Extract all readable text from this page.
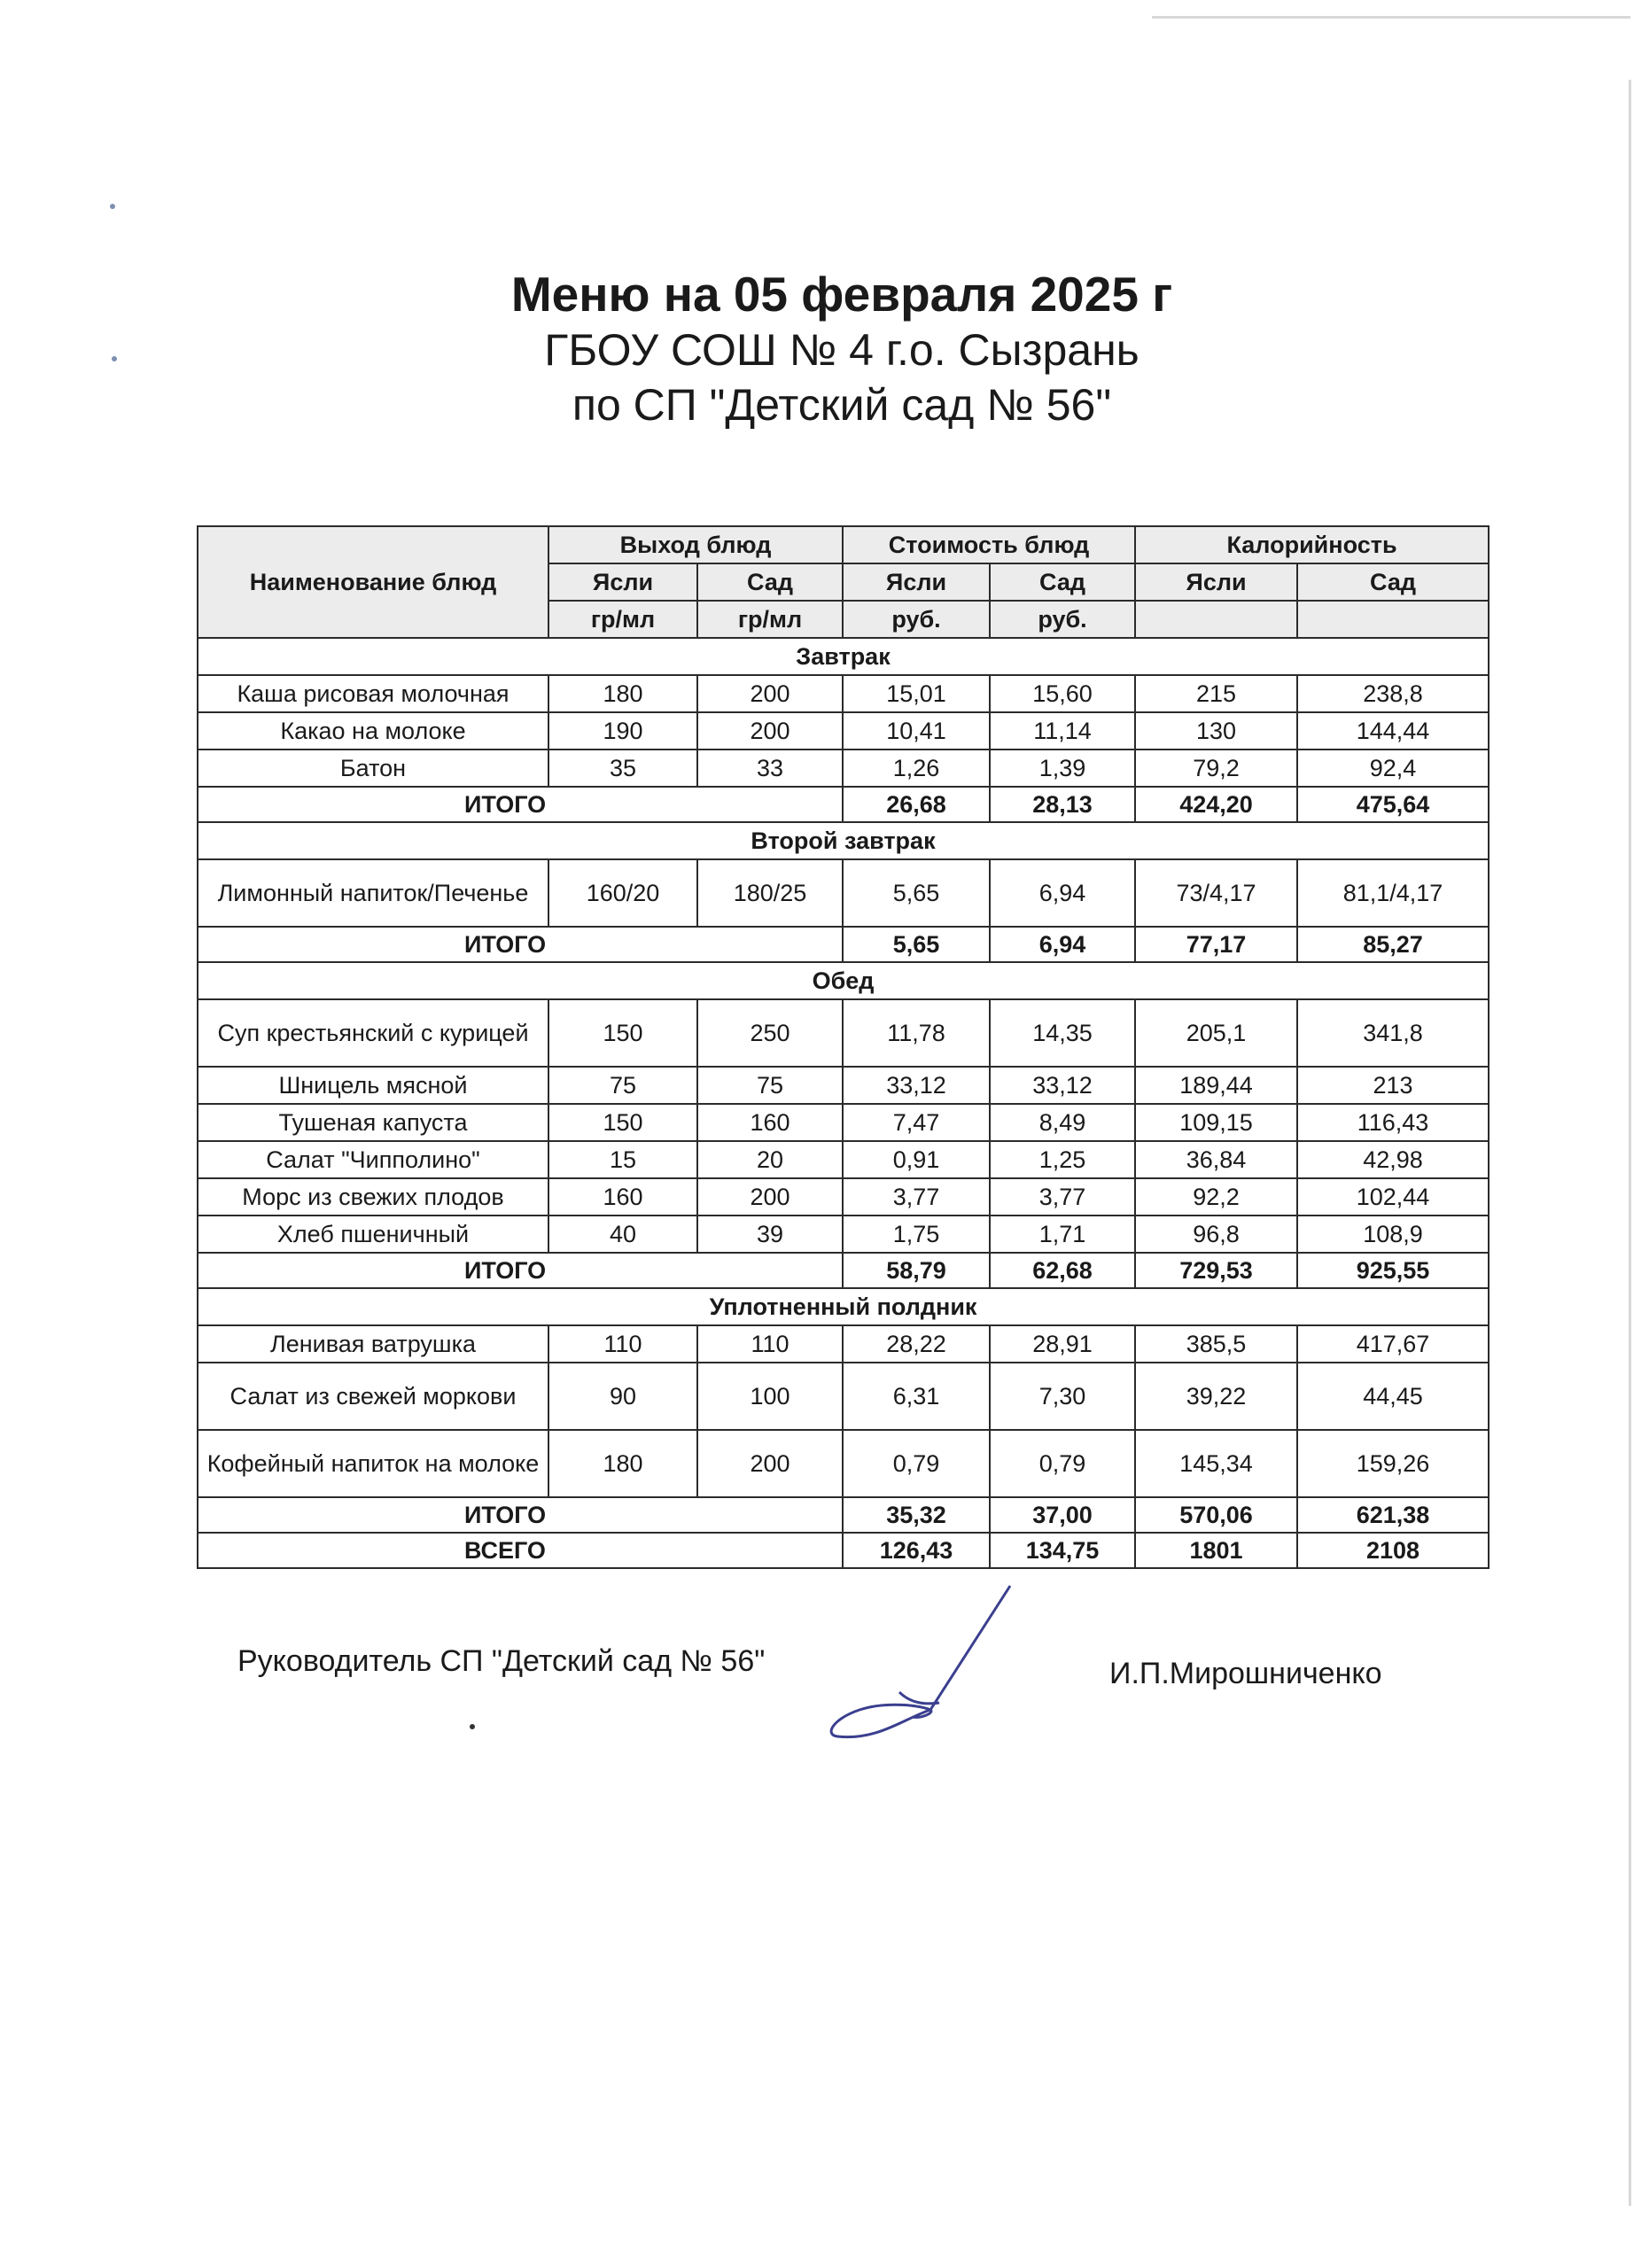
Меню на 05 февраля 2025 г
ГБОУ СОШ № 4 г.о. Сызрань
по СП "Детский сад № 56"
Наименование блюд	Выход блюд		Стоимость блюд		Калорийность	
	Ясли	Сад	Ясли	Сад	Ясли	Сад
	гр/мл	гр/мл	руб.	руб.		
Завтрак						
Каша рисовая молочная	180	200	15,01	15,60	215	238,8
Какао на молоке	190	200	10,41	11,14	130	144,44
Батон	35	33	1,26	1,39	79,2	92,4
ИТОГО			26,68	28,13	424,20	475,64
Второй завтрак						
Лимонный напиток/Печенье	160/20	180/25	5,65	6,94	73/4,17	81,1/4,17
ИТОГО			5,65	6,94	77,17	85,27
Обед						
Суп крестьянский с курицей	150	250	11,78	14,35	205,1	341,8
Шницель мясной	75	75	33,12	33,12	189,44	213
Тушеная капуста	150	160	7,47	8,49	109,15	116,43
Салат "Чипполино"	15	20	0,91	1,25	36,84	42,98
Морс из свежих плодов	160	200	3,77	3,77	92,2	102,44
Хлеб пшеничный	40	39	1,75	1,71	96,8	108,9
ИТОГО			58,79	62,68	729,53	925,55
Уплотненный полдник						
Ленивая ватрушка	110	110	28,22	28,91	385,5	417,67
Салат из свежей моркови	90	100	6,31	7,30	39,22	44,45
Кофейный напиток на молоке	180	200	0,79	0,79	145,34	159,26
ИТОГО			35,32	37,00	570,06	621,38
ВСЕГО			126,43	134,75	1801	2108
Руководитель СП "Детский сад № 56"	И.П.Мирошниченко
